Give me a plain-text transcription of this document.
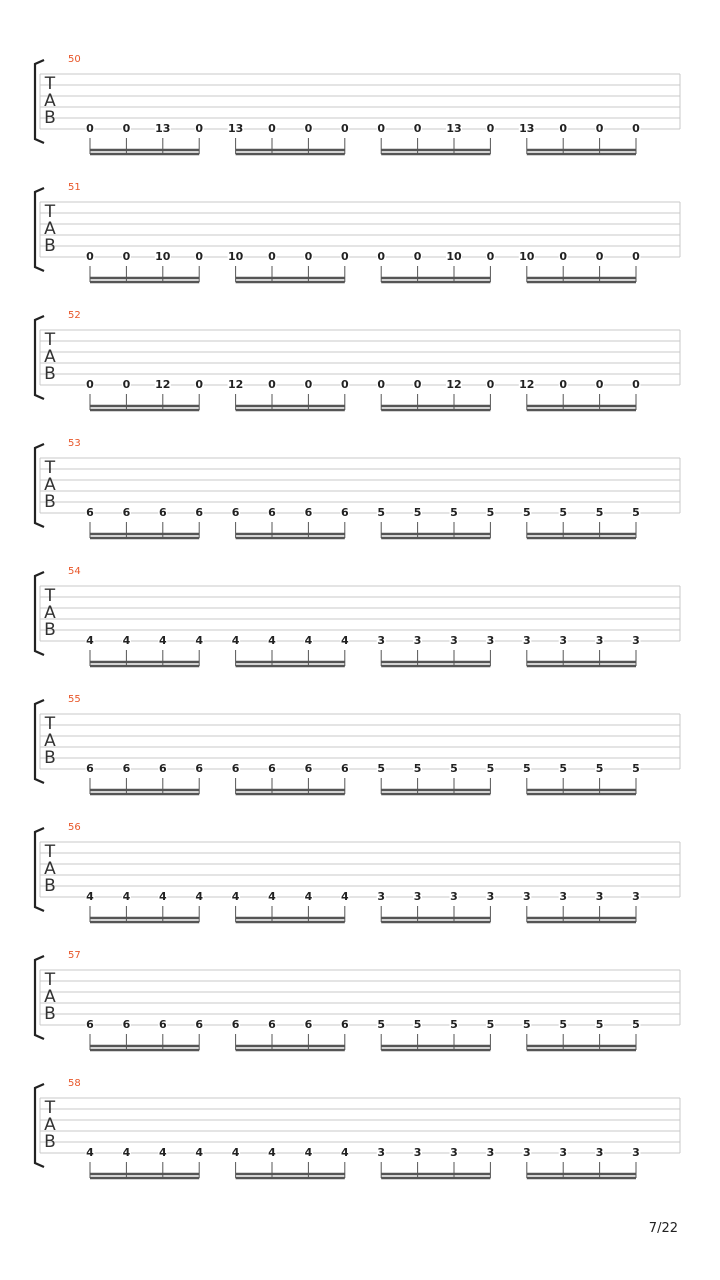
50
T
A
B
0	0 13 0 13 0	0	0	0	0 13 0 13 0	0	0
51
T
A
B
0	0 10 0 10 0	0	0	0	0 10 0 10 0	0	0
52
T
A
B
0	0 12 0 12 0	0	0	0	0 12 0 12 0	0	0
53
T
A
B
6	6	6	6	6	6	6	6	5	5	5	5	5	5	5	5
54
T
A
B
4	4	4	4	4	4	4	4	3	3	3	3	3	3	3	3
55
T
A
B
6	6	6	6	6	6	6	6	5	5	5	5	5	5	5	5
56
T
A
B
4	4	4	4	4	4	4	4	3	3	3	3	3	3	3	3
57
T
A
B
6	6	6	6	6	6	6	6	5	5	5	5	5	5	5	5
58
T
A
B
4	4	4	4	4	4	4	4	3	3	3	3	3	3	3	3
7/22
